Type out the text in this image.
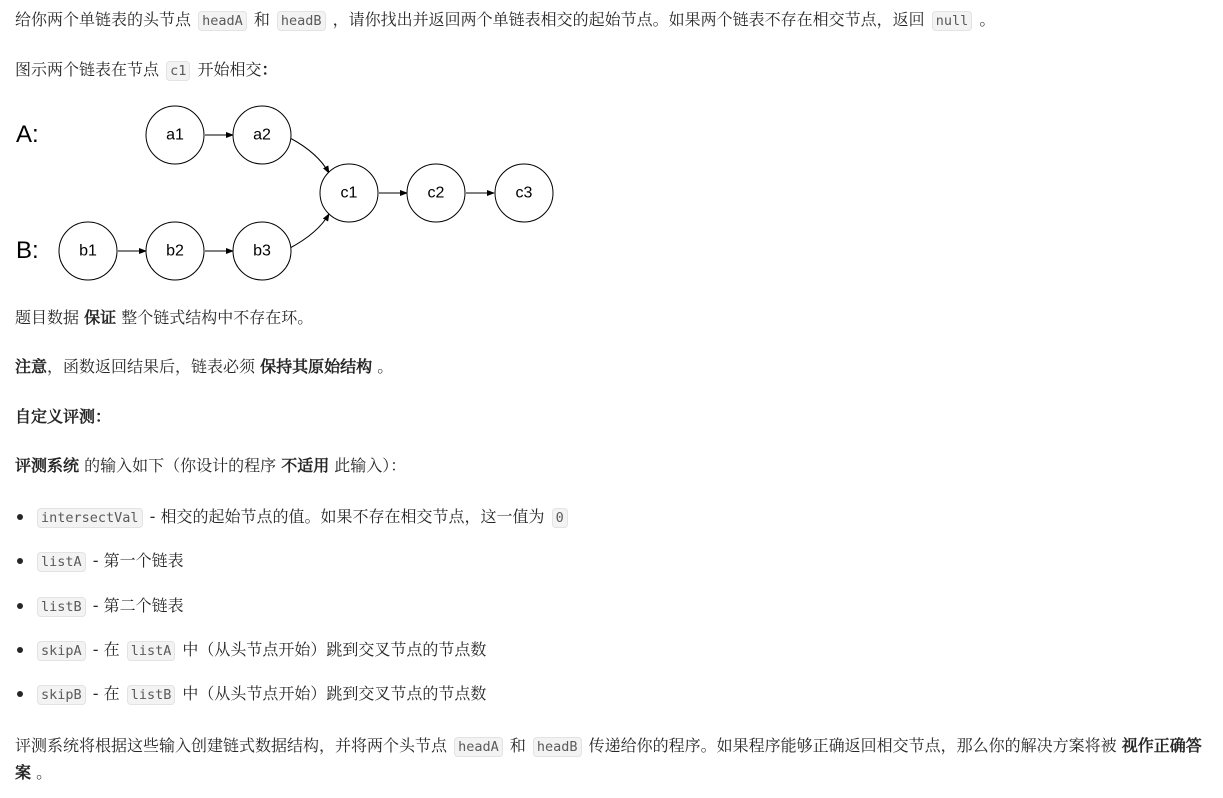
给你两个单链表的头节点 headA 和 headB ，请你找出并返回两个单链表相交的起始节点。如果两个链表不存在相交节点，返回 null 。

图示两个链表在节点 c1 开始相交：

A:
B:
a1	a2
b1	b2	b3
c1	c2	c3

题目数据 保证 整个链式结构中不存在环。

注意，函数返回结果后，链表必须 保持其原始结构 。

自定义评测：

评测系统 的输入如下（你设计的程序 不适用 此输入）：

intersectVal - 相交的起始节点的值。如果不存在相交节点，这一值为 0

listA - 第一个链表

listB - 第二个链表

skipA - 在 listA 中（从头节点开始）跳到交叉节点的节点数

skipB - 在 listB 中（从头节点开始）跳到交叉节点的节点数

评测系统将根据这些输入创建链式数据结构，并将两个头节点 headA 和 headB 传递给你的程序。如果程序能够正确返回相交节点，那么你的解决方案将被 视作正确答案 。
